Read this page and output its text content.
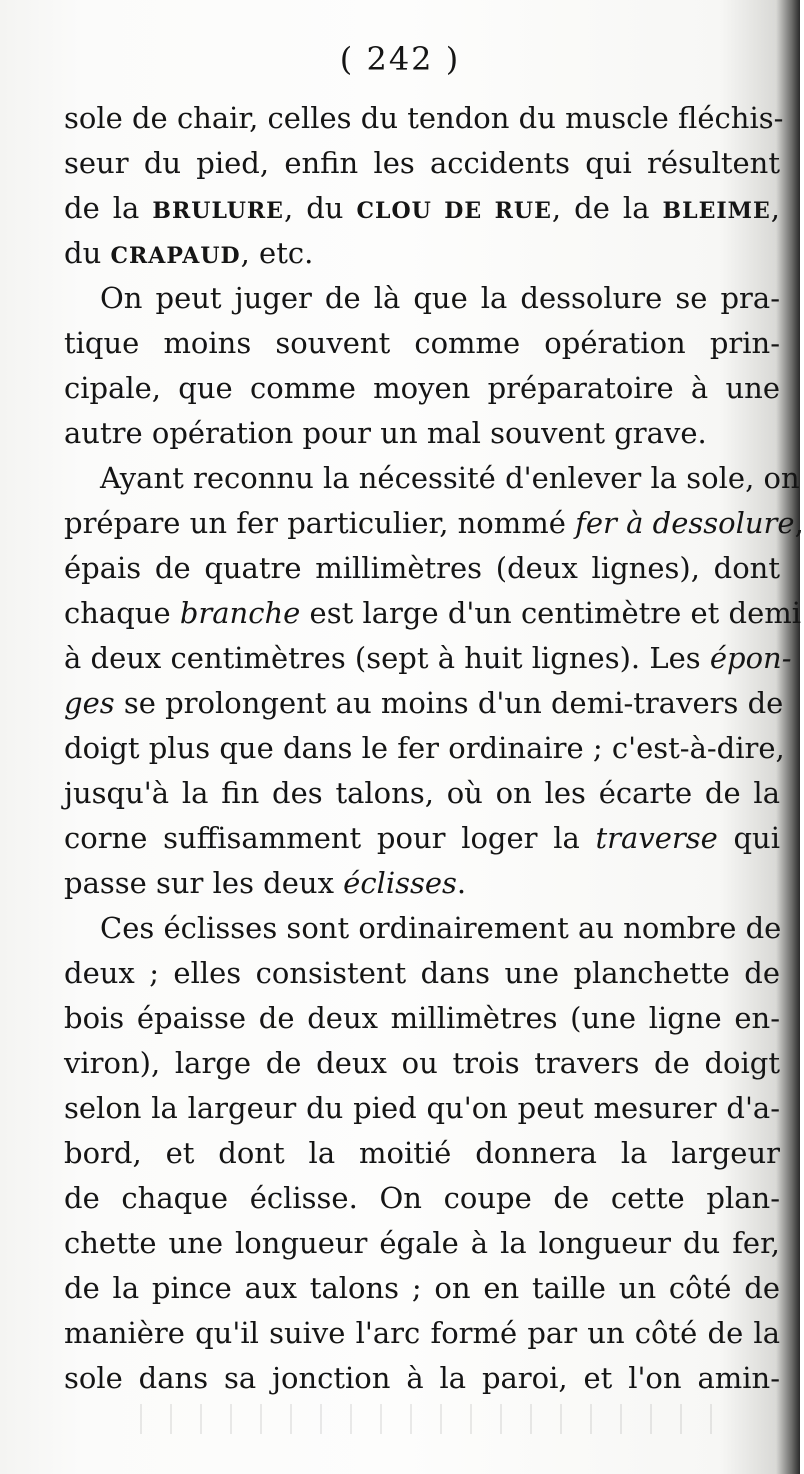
( 242 )
sole de chair, celles du tendon du muscle fléchis-
seur du pied, enfin les accidents qui résultent
de la BRULURE, du CLOU DE RUE, de la BLEIME,
du CRAPAUD, etc.
On peut juger de là que la dessolure se pra-
tique moins souvent comme opération prin-
cipale, que comme moyen préparatoire à une
autre opération pour un mal souvent grave.
Ayant reconnu la nécessité d'enlever la sole, on
prépare un fer particulier, nommé fer à dessolure,
épais de quatre millimètres (deux lignes), dont
chaque branche est large d'un centimètre et demi
à deux centimètres (sept à huit lignes). Les épon-
ges se prolongent au moins d'un demi-travers de
doigt plus que dans le fer ordinaire ; c'est-à-dire,
jusqu'à la fin des talons, où on les écarte de la
corne suffisamment pour loger la traverse qui
passe sur les deux éclisses.
Ces éclisses sont ordinairement au nombre de
deux ; elles consistent dans une planchette de
bois épaisse de deux millimètres (une ligne en-
viron), large de deux ou trois travers de doigt
selon la largeur du pied qu'on peut mesurer d'a-
bord, et dont la moitié donnera la largeur
de chaque éclisse. On coupe de cette plan-
chette une longueur égale à la longueur du fer,
de la pince aux talons ; on en taille un côté de
manière qu'il suive l'arc formé par un côté de la
sole dans sa jonction à la paroi, et l'on amin-
